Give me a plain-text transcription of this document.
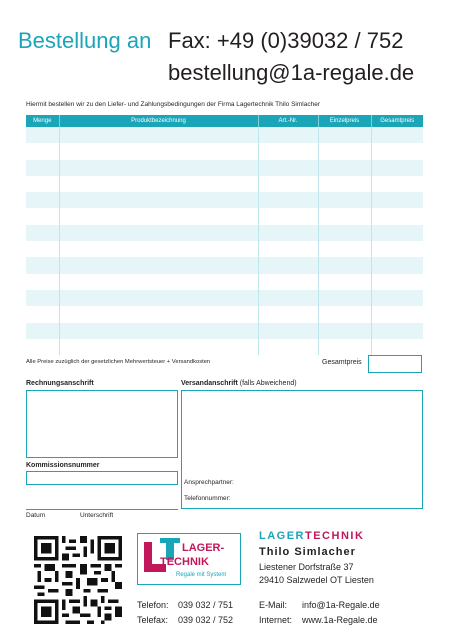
Bestellung an Fax: +49 (0)39032 / 752
bestellung@1a-regale.de
Hiermit bestellen wir zu den Liefer- und Zahlungsbedingungen der Firma Lagertechnik Thilo Simlacher
Menge	Produktbezeichnung	Art.-Nr.	Einzelpreis	Gesamtpreis

Alle Preise zuzüglich der gesetzlichen Mehrwertsteuer + Versandkosten	Gesamtpreis
Rechnungsanschrift	Versandanschrift (falls Abweichend)
Kommissionsnummer
Ansprechpartner:
Telefonnummer:
Datum	Unterschrift
LAGER-
TECHNIK
Regale mit System
LAGERTECHNIK
Thilo Simlacher
Liestener Dorfstraße 37
29410 Salzwedel OT Liesten
Telefon: 039 032 / 751
Telefax: 039 032 / 752
E-Mail: info@1a-Regale.de
Internet: www.1a-Regale.de
